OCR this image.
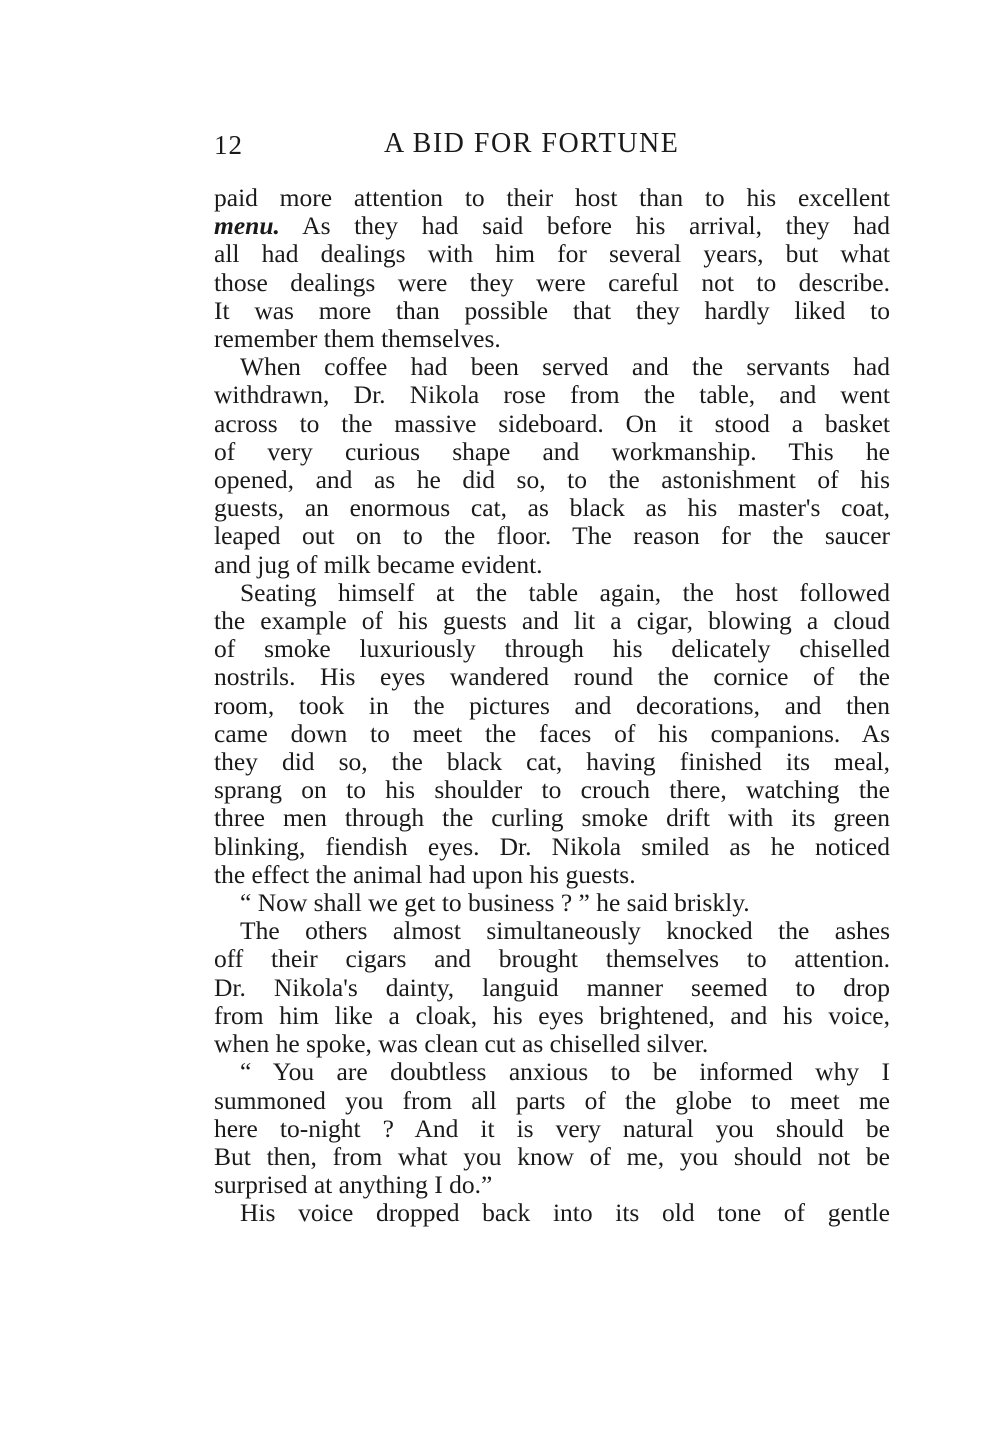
12	A BID FOR FORTUNE
paid more attention to their host than to his excellent
menu. As they had said before his arrival, they had
all had dealings with him for several years, but what
those dealings were they were careful not to describe.
It was more than possible that they hardly liked to
remember them themselves.
When coffee had been served and the servants had
withdrawn, Dr. Nikola rose from the table, and went
across to the massive sideboard. On it stood a basket
of very curious shape and workmanship. This he
opened, and as he did so, to the astonishment of his
guests, an enormous cat, as black as his master's coat,
leaped out on to the floor. The reason for the saucer
and jug of milk became evident.
Seating himself at the table again, the host followed
the example of his guests and lit a cigar, blowing a cloud
of smoke luxuriously through his delicately chiselled
nostrils. His eyes wandered round the cornice of the
room, took in the pictures and decorations, and then
came down to meet the faces of his companions. As
they did so, the black cat, having finished its meal,
sprang on to his shoulder to crouch there, watching the
three men through the curling smoke drift with its green
blinking, fiendish eyes. Dr. Nikola smiled as he noticed
the effect the animal had upon his guests.
“ Now shall we get to business ? ” he said briskly.
The others almost simultaneously knocked the ashes
off their cigars and brought themselves to attention.
Dr. Nikola's dainty, languid manner seemed to drop
from him like a cloak, his eyes brightened, and his voice,
when he spoke, was clean cut as chiselled silver.
“ You are doubtless anxious to be informed why I
summoned you from all parts of the globe to meet me
here to-night ? And it is very natural you should be
But then, from what you know of me, you should not be
surprised at anything I do.”
His voice dropped back into its old tone of gentle
